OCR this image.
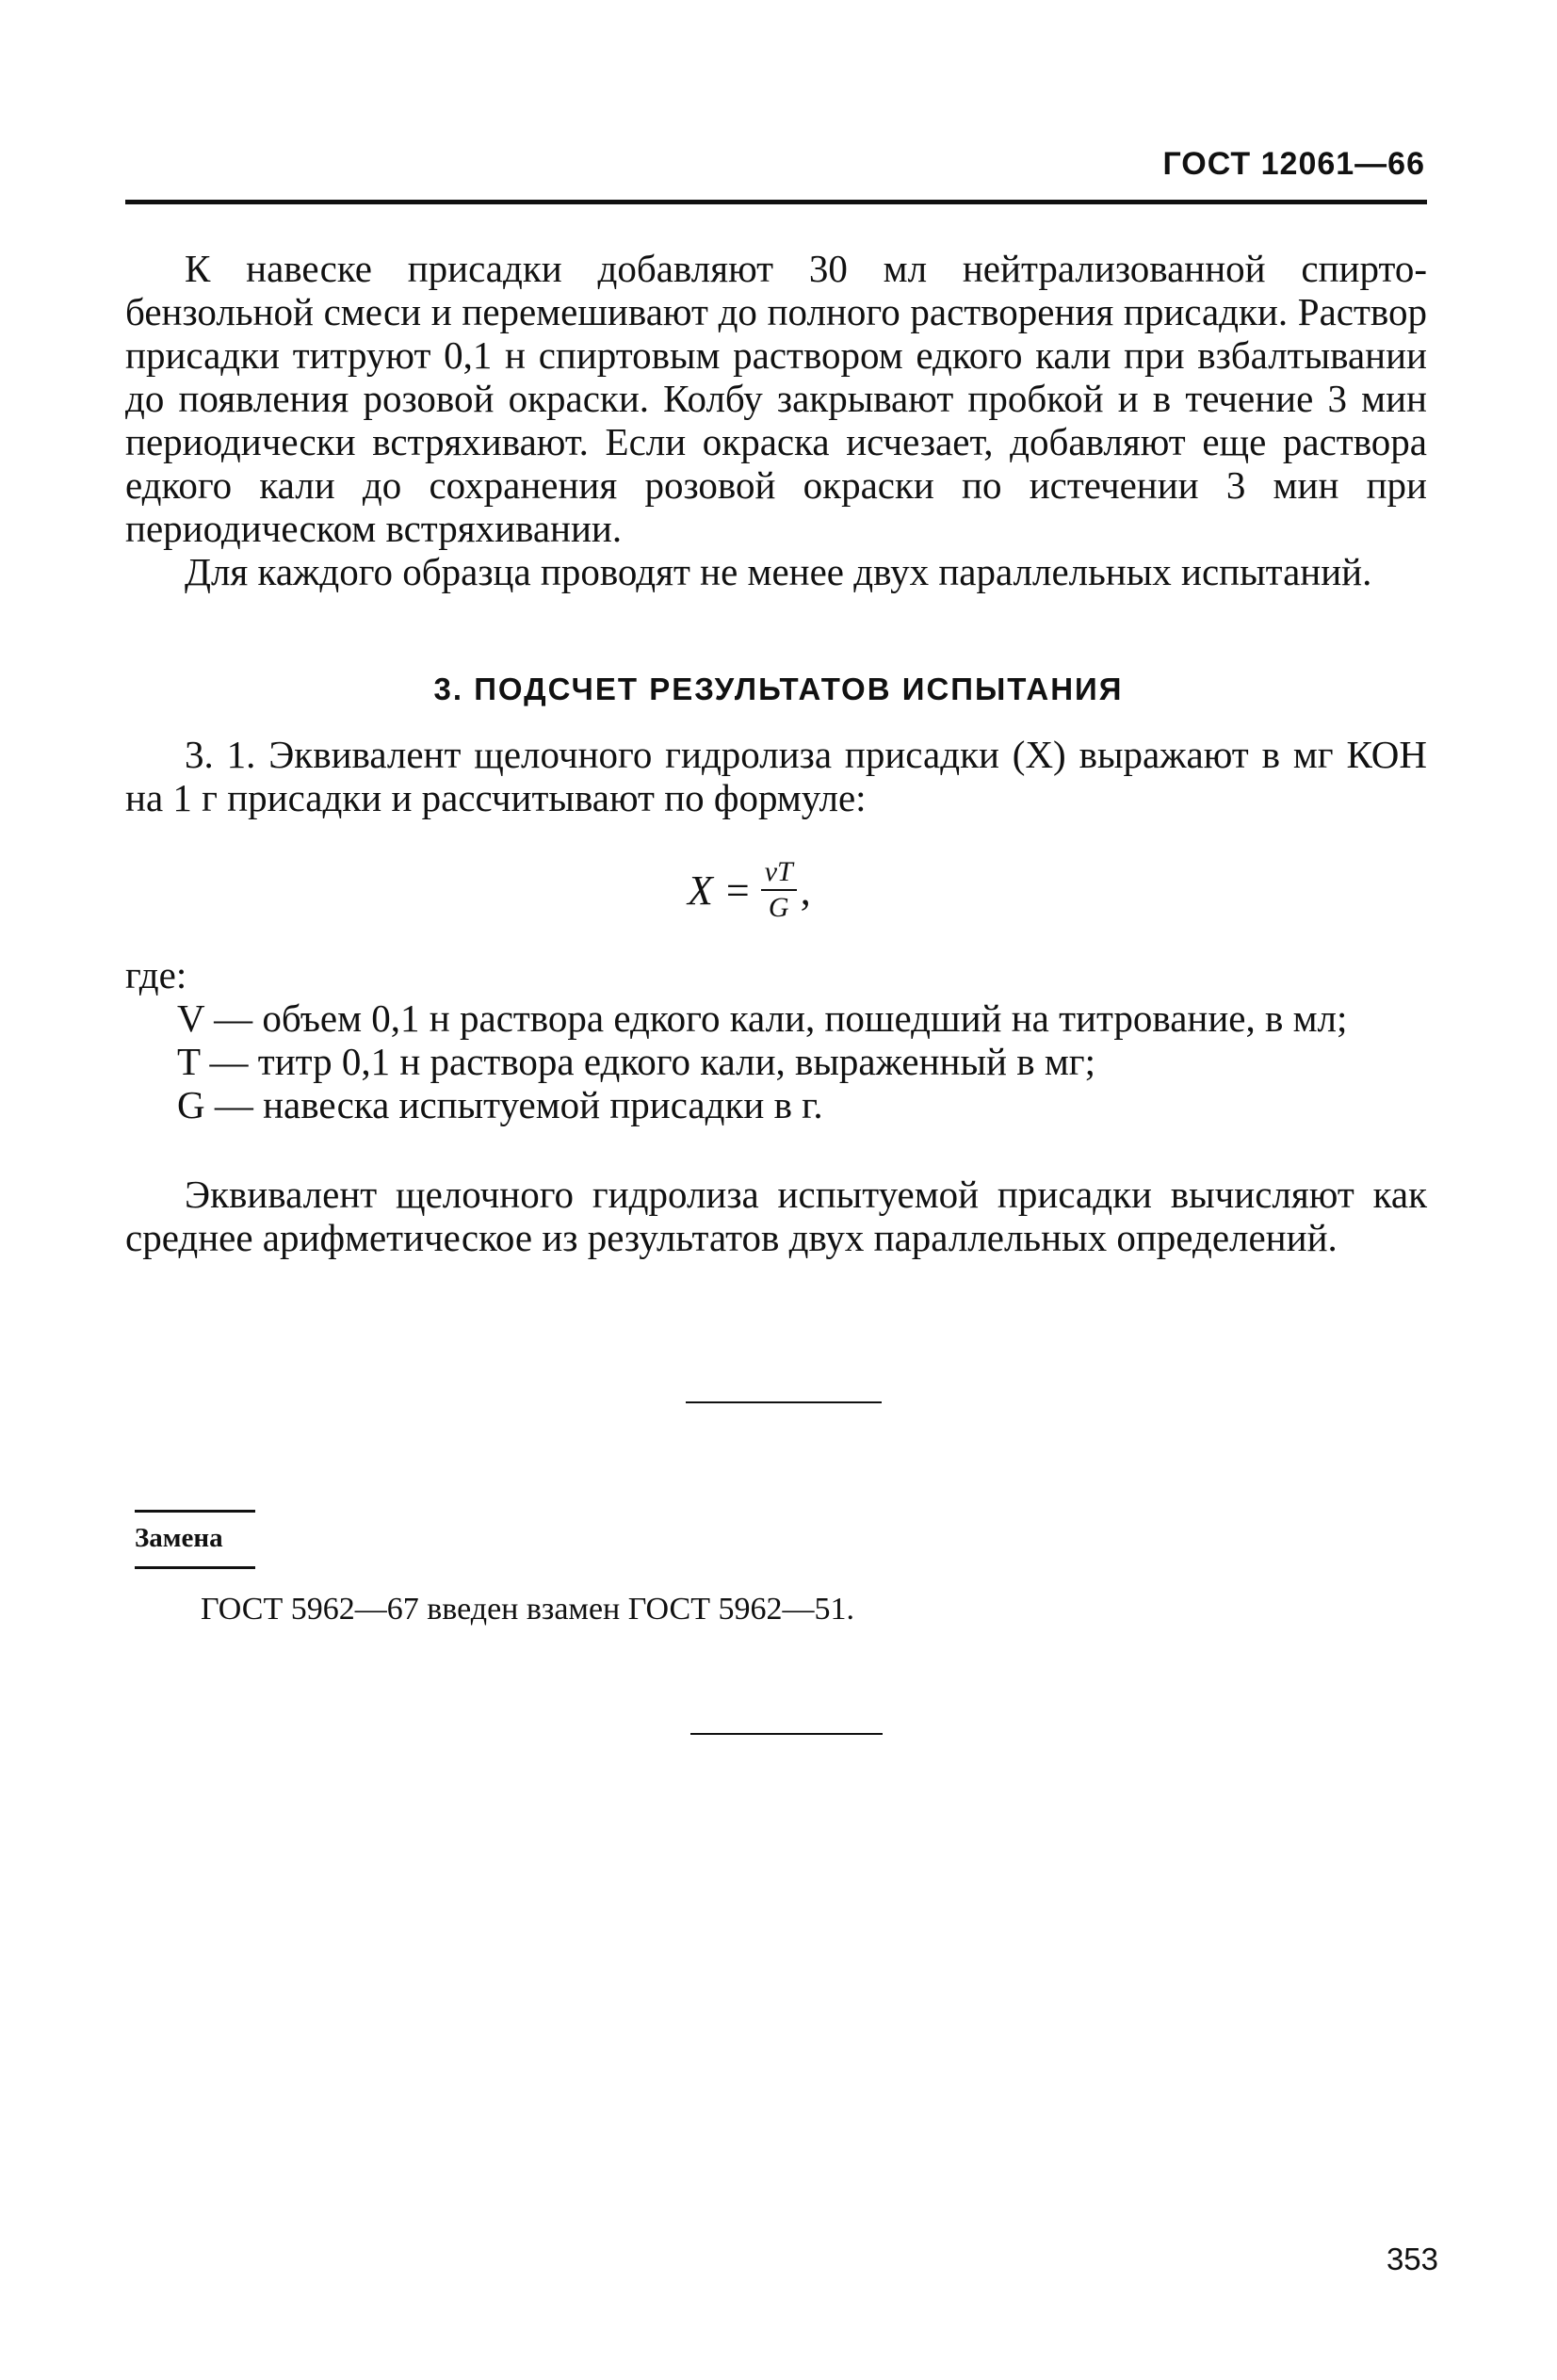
ГОСТ 12061—66

К навеске присадки добавляют 30 мл нейтрализованной спирто-бензольной смеси и перемешивают до полного растворения присадки. Раствор присадки титруют 0,1 н спиртовым раствором едкого кали при взбалтывании до появления розовой окраски. Колбу закрывают пробкой и в течение 3 мин периодически встряхивают. Если окраска исчезает, добавляют еще раствора едкого кали до сохранения розовой окраски по истечении 3 мин при периодическом встряхивании.

Для каждого образца проводят не менее двух параллельных испытаний.

3. ПОДСЧЕТ РЕЗУЛЬТАТОВ ИСПЫТАНИЯ

3. 1. Эквивалент щелочного гидролиза присадки (X) выражают в мг КОН на 1 г присадки и рассчитывают по формуле:

$X = \frac{vT}{G}$ ,

где:

V — объем 0,1 н раствора едкого кали, пошедший на титрование, в мл;

T — титр 0,1 н раствора едкого кали, выраженный в мг;

G — навеска испытуемой присадки в г.

Эквивалент щелочного гидролиза испытуемой присадки вычисляют как среднее арифметическое из результатов двух параллельных определений.

Замена
ГОСТ 5962—67 введен взамен ГОСТ 5962—51.
353
